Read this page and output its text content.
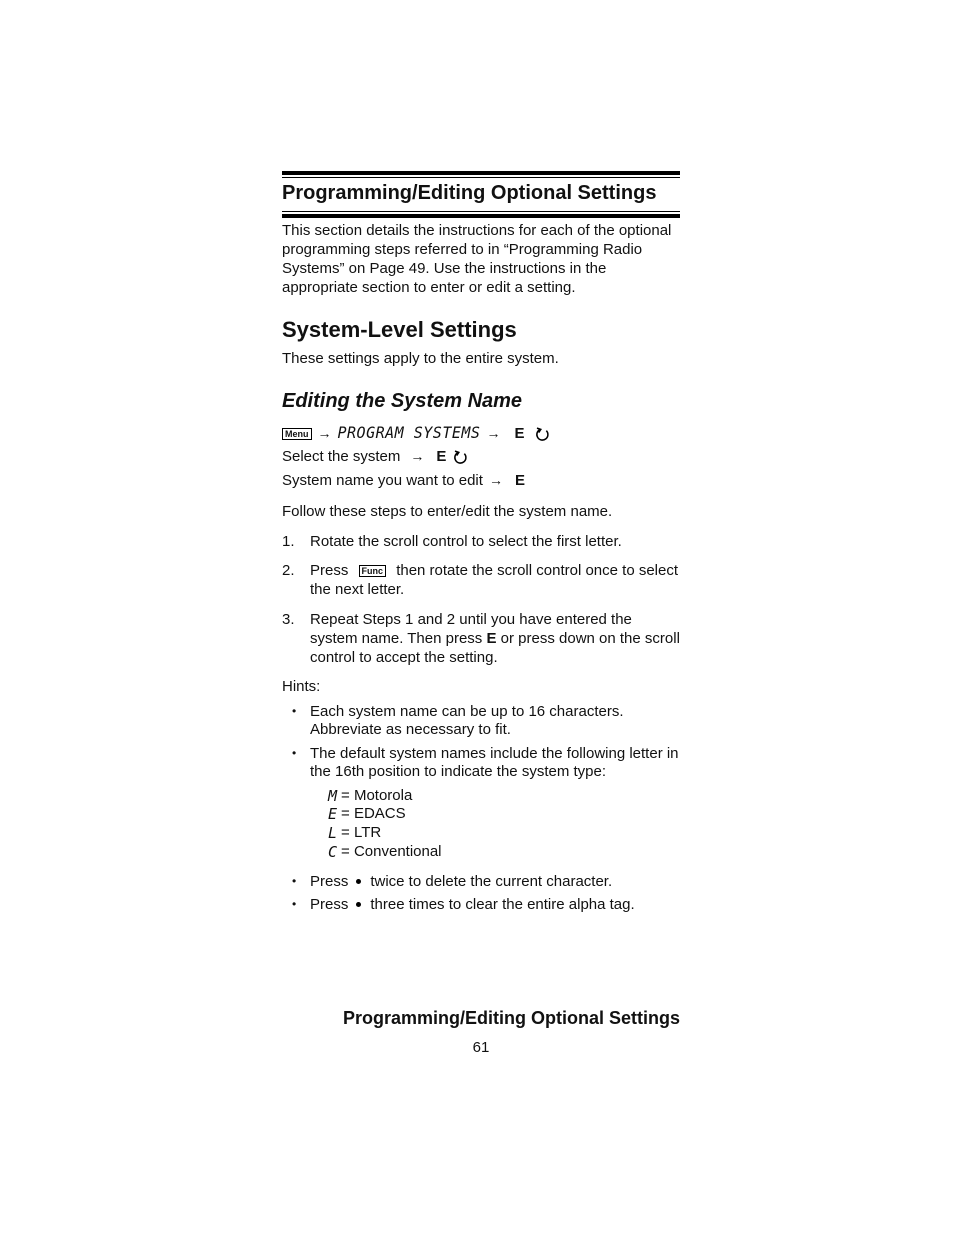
Programming/Editing Optional Settings

This section details the instructions for each of the optional programming steps referred to in “Programming Radio Systems” on Page 49. Use the instructions in the appropriate section to enter or edit a setting.

System-Level Settings

These settings apply to the entire system.

Editing the System Name
Menu → PROGRAM SYSTEMS → E
Select the system → E
System name you want to edit → E

Follow these steps to enter/edit the system name.

1. Rotate the scroll control to select the first letter.
2. Press Func then rotate the scroll control once to select the next letter.
3. Repeat Steps 1 and 2 until you have entered the system name. Then press E or press down on the scroll control to accept the setting.

Hints:

• Each system name can be up to 16 characters. Abbreviate as necessary to fit.
• The default system names include the following letter in the 16th position to indicate the system type:
M = Motorola
E = EDACS
L = LTR
C = Conventional
• Press twice to delete the current character.
• Press three times to clear the entire alpha tag.
Programming/Editing Optional Settings
61
